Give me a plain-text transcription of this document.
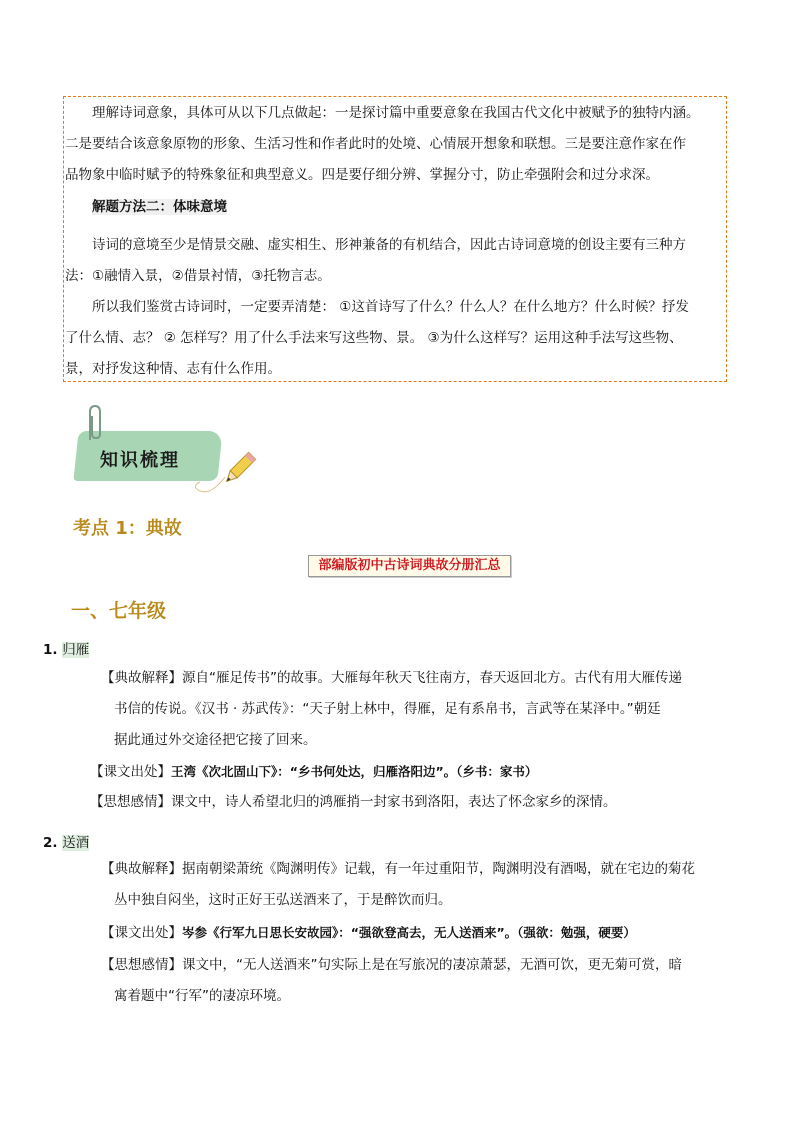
理解诗词意象，具体可从以下几点做起：一是探讨篇中重要意象在我国古代文化中被赋予的独特内涵。
二是要结合该意象原物的形象、生活习性和作者此时的处境、心情展开想象和联想。三是要注意作家在作
品物象中临时赋予的特殊象征和典型意义。四是要仔细分辨、掌握分寸，防止牵强附会和过分求深。

解题方法二：体味意境

诗词的意境至少是情景交融、虚实相生、形神兼备的有机结合，因此古诗词意境的创设主要有三种方
法：①融情入景，②借景衬情，③托物言志。

所以我们鉴赏古诗词时，一定要弄清楚： ①这首诗写了什么？什么人？在什么地方？什么时候？抒发
了什么情、志？ ② 怎样写？用了什么手法来写这些物、景。 ③为什么这样写？运用这种手法写这些物、
景，对抒发这种情、志有什么作用。

知识梳理
考点 1：典故
部编版初中古诗词典故分册汇总
一、七年级
1. 归雁
【典故解释】源自“雁足传书”的故事。大雁每年秋天飞往南方，春天返回北方。古代有用大雁传递
书信的传说。《汉书 · 苏武传》：“天子射上林中，得雁，足有系帛书，言武等在某泽中。”朝廷
据此通过外交途径把它接了回来。
【课文出处】王湾《次北固山下》：“乡书何处达，归雁洛阳边”。（乡书：家书）
【思想感情】课文中，诗人希望北归的鸿雁捎一封家书到洛阳，表达了怀念家乡的深情。
2. 送酒
【典故解释】据南朝梁萧统《陶渊明传》记载，有一年过重阳节，陶渊明没有酒喝，就在宅边的菊花
丛中独自闷坐，这时正好王弘送酒来了，于是醉饮而归。
【课文出处】岑参《行军九日思长安故园》：“强欲登高去，无人送酒来”。（强欲：勉强，硬要）
【思想感情】课文中，“无人送酒来”句实际上是在写旅况的凄凉萧瑟，无酒可饮，更无菊可赏，暗
寓着题中“行军”的凄凉环境。
